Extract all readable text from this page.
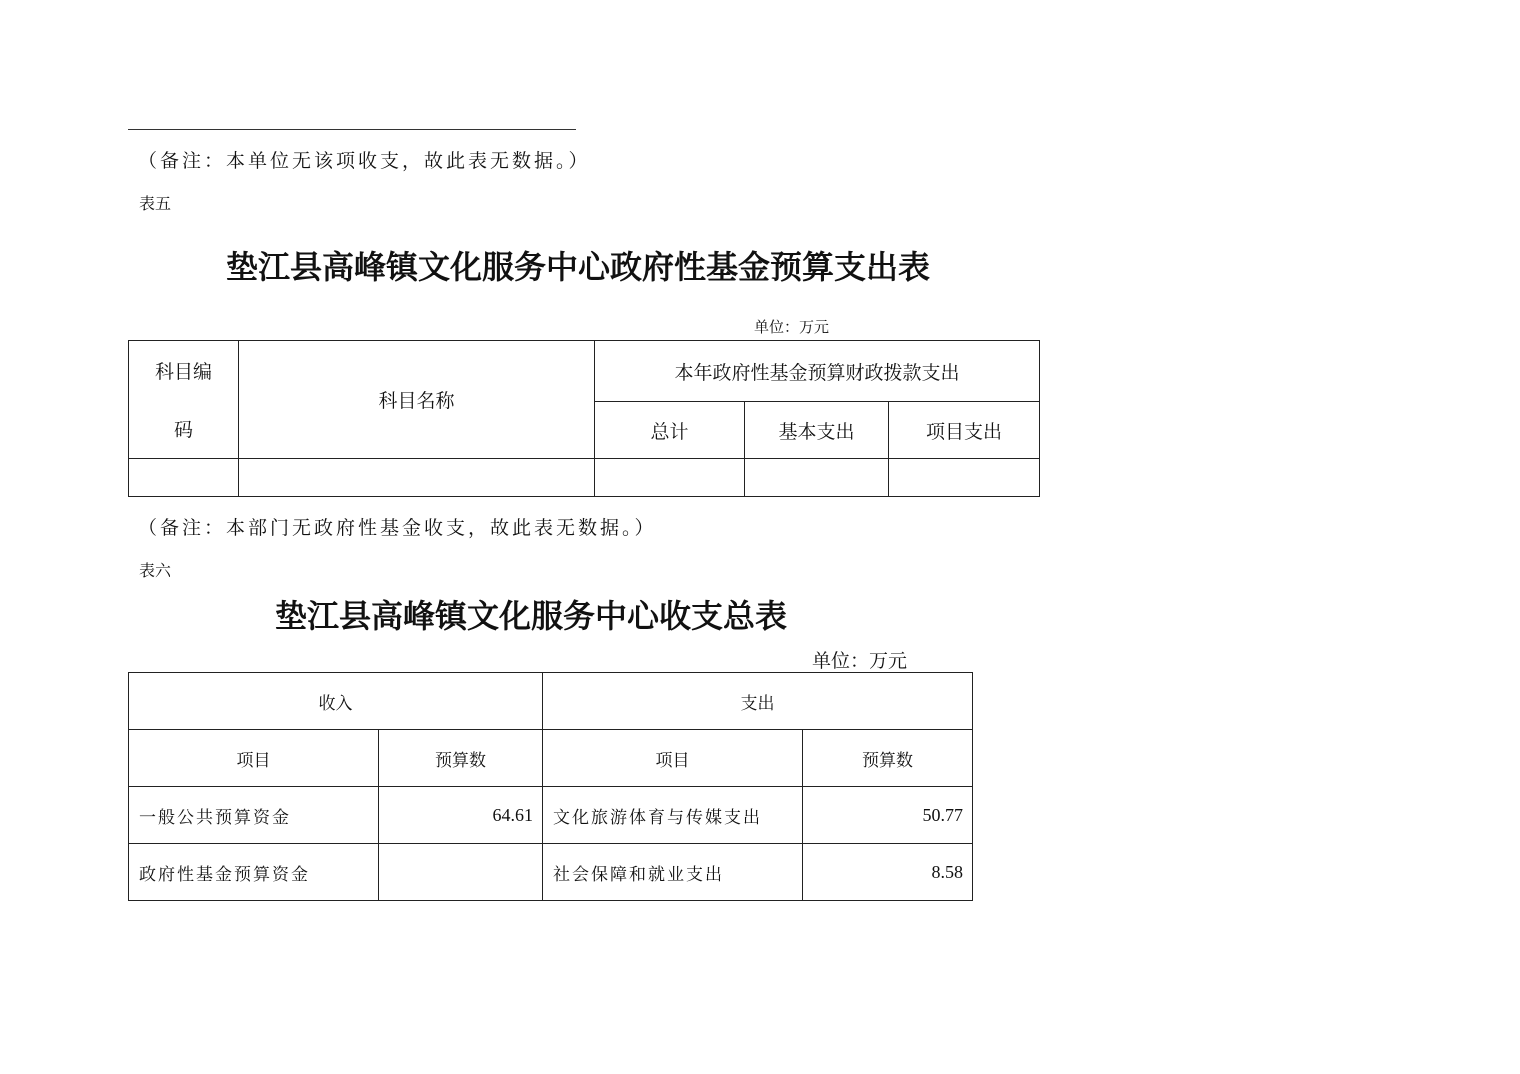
（备注：本单位无该项收支，故此表无数据。）
表五
垫江县高峰镇文化服务中心政府性基金预算支出表
单位：万元
科目编
码	科目名称	本年政府性基金预算财政拨款支出		
		总计	基本支出	项目支出

（备注：本部门无政府性基金收支，故此表无数据。）
表六
垫江县高峰镇文化服务中心收支总表
单位：万元
收入		支出	
项目	预算数	项目	预算数
一般公共预算资金	64.61	文化旅游体育与传媒支出	50.77
政府性基金预算资金		社会保障和就业支出	8.58
